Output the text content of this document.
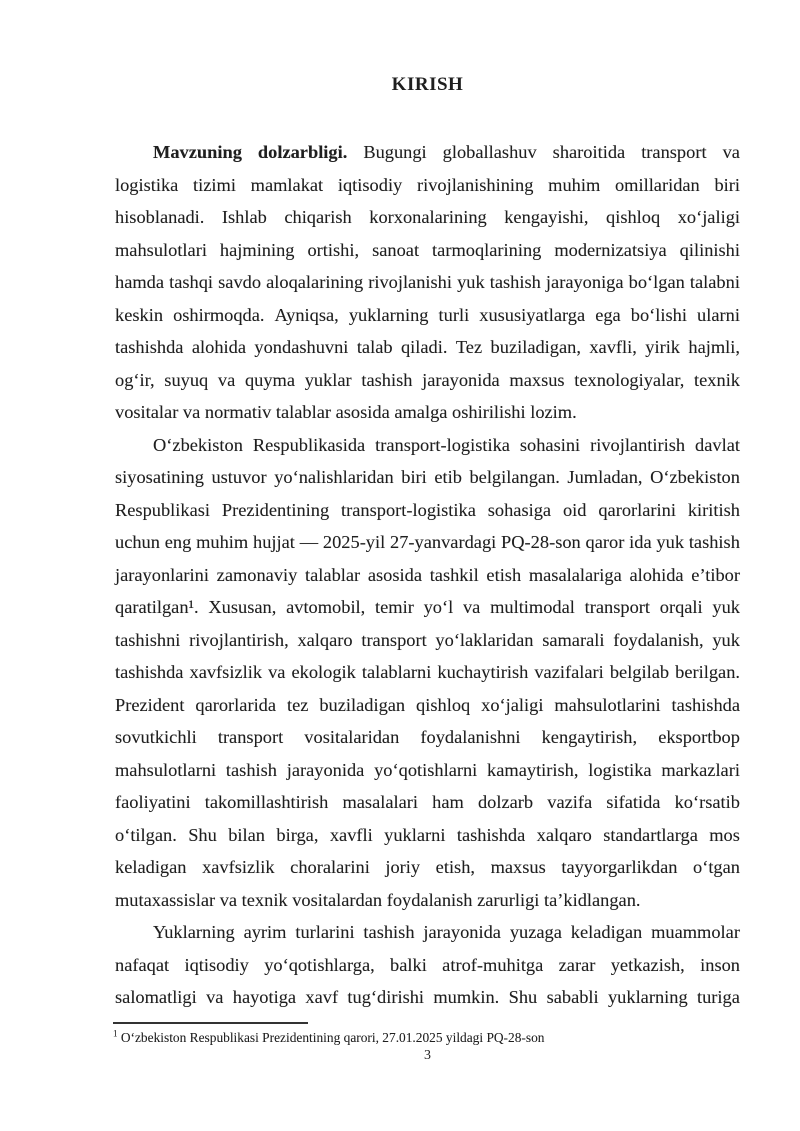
KIRISH
Mavzuning dolzarbligi. Bugungi globallashuv sharoitida transport va
logistika tizimi mamlakat iqtisodiy rivojlanishining muhim omillaridan biri
hisoblanadi. Ishlab chiqarish korxonalarining kengayishi, qishloq xo‘jaligi
mahsulotlari hajmining ortishi, sanoat tarmoqlarining modernizatsiya qilinishi
hamda tashqi savdo aloqalarining rivojlanishi yuk tashish jarayoniga bo‘lgan talabni
keskin oshirmoqda. Ayniqsa, yuklarning turli xususiyatlarga ega bo‘lishi ularni
tashishda alohida yondashuvni talab qiladi. Tez buziladigan, xavfli, yirik hajmli,
og‘ir, suyuq va quyma yuklar tashish jarayonida maxsus texnologiyalar, texnik
vositalar va normativ talablar asosida amalga oshirilishi lozim.
O‘zbekiston Respublikasida transport-logistika sohasini rivojlantirish davlat
siyosatining ustuvor yo‘nalishlaridan biri etib belgilangan. Jumladan, O‘zbekiston
Respublikasi Prezidentining transport-logistika sohasiga oid qarorlarini kiritish
uchun eng muhim hujjat — 2025-yil 27-yanvardagi PQ-28-son qaror ida yuk tashish
jarayonlarini zamonaviy talablar asosida tashkil etish masalalariga alohida e’tibor
qaratilgan¹. Xususan, avtomobil, temir yo‘l va multimodal transport orqali yuk
tashishni rivojlantirish, xalqaro transport yo‘laklaridan samarali foydalanish, yuk
tashishda xavfsizlik va ekologik talablarni kuchaytirish vazifalari belgilab berilgan.
Prezident qarorlarida tez buziladigan qishloq xo‘jaligi mahsulotlarini tashishda
sovutkichli transport vositalaridan foydalanishni kengaytirish, eksportbop
mahsulotlarni tashish jarayonida yo‘qotishlarni kamaytirish, logistika markazlari
faoliyatini takomillashtirish masalalari ham dolzarb vazifa sifatida ko‘rsatib
o‘tilgan. Shu bilan birga, xavfli yuklarni tashishda xalqaro standartlarga mos
keladigan xavfsizlik choralarini joriy etish, maxsus tayyorgarlikdan o‘tgan
mutaxassislar va texnik vositalardan foydalanish zarurligi ta’kidlangan.
Yuklarning ayrim turlarini tashish jarayonida yuzaga keladigan muammolar
nafaqat iqtisodiy yo‘qotishlarga, balki atrof-muhitga zarar yetkazish, inson
salomatligi va hayotiga xavf tug‘dirishi mumkin. Shu sababli yuklarning turiga
$^1$ O‘zbekiston Respublikasi Prezidentining qarori, 27.01.2025 yildagi PQ-28-son
3
